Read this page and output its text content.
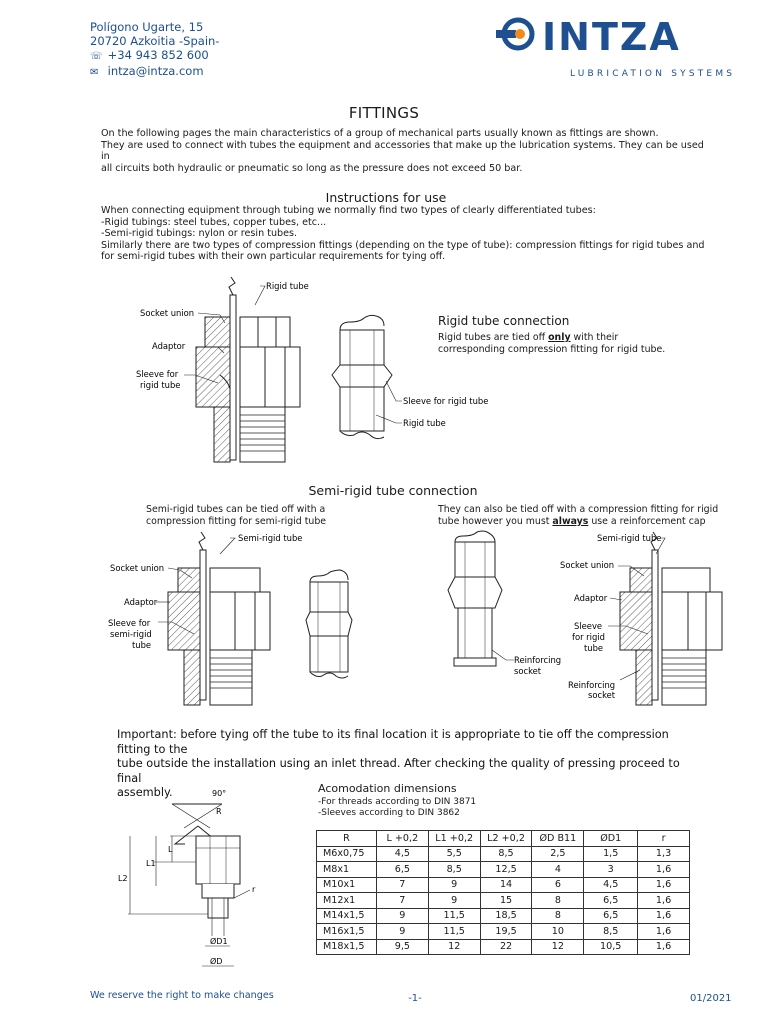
Polígono Ugarte, 15
20720 Azkoitia -Spain-
☏ +34 943 852 600
✉ intza@intza.com
INTZA
LUBRICATION SYSTEMS
FITTINGS
On the following pages the main characteristics of a group of mechanical parts usually known as fittings are shown.
They are used to connect with tubes the equipment and accessories that make up the lubrication systems. They can be used in
all circuits both hydraulic or pneumatic so long as the pressure does not exceed 50 bar.
Instructions for use
When connecting equipment through tubing we normally find two types of clearly differentiated tubes:
-Rigid tubings: steel tubes, copper tubes, etc...
-Semi-rigid tubings: nylon or resin tubes.
Similarly there are two types of compression fittings (depending on the type of tube): compression fittings for rigid tubes and
for semi-rigid tubes with their own particular requirements for tying off.
Socket union
Adaptor
Sleeve for
rigid tube
Rigid tube
Sleeve for rigid tube
Rigid tube
Rigid tube connection
Rigid tubes are tied off only with their
corresponding compression fitting for rigid tube.
Semi-rigid tube connection
Semi-rigid tubes can be tied off with a
compression fitting for semi-rigid tube
They can also be tied off with a compression fitting for rigid
tube however you must always use a reinforcement cap
Socket union
Adaptor
Sleeve for
semi-rigid
tube
Semi-rigid tube
Reinforcing
socket
Socket union
Adaptor
Sleeve
for rigid
tube
Reinforcing
socket
Semi-rigid tube
Important: before tying off the tube to its final location it is appropriate to tie off the compression fitting to the
tube outside the installation using an inlet thread. After checking the quality of pressing proceed to final
assembly.	90°
R
L
L1
L2
r
ØD1
ØD
Acomodation dimensions
-For threads according to DIN 3871
-Sleeves according to DIN 3862
R	L +0,2	L1 +0,2	L2 +0,2	ØD B11	ØD1	r
M6x0,75	4,5	5,5	8,5	2,5	1,5	1,3
M8x1	6,5	8,5	12,5	4	3	1,6
M10x1	7	9	14	6	4,5	1,6
M12x1	7	9	15	8	6,5	1,6
M14x1,5	9	11,5	18,5	8	6,5	1,6
M16x1,5	9	11,5	19,5	10	8,5	1,6
M18x1,5	9,5	12	22	12	10,5	1,6
We reserve the right to make changes	-1-	01/2021
